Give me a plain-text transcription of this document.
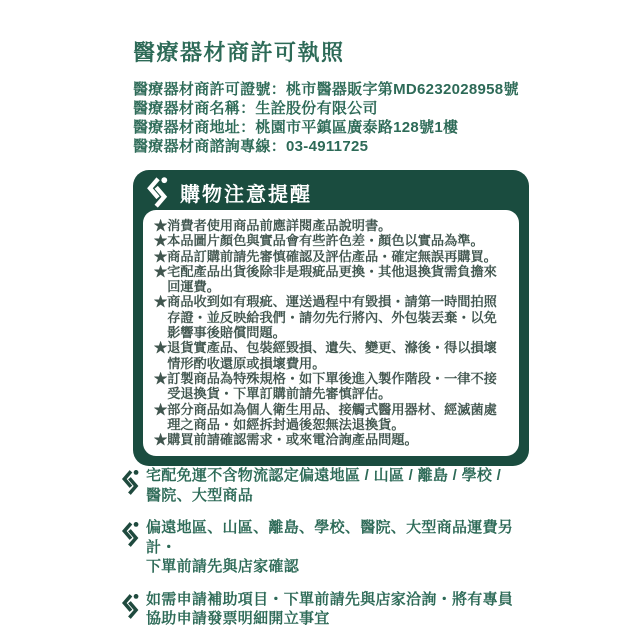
醫療器材商許可執照
醫療器材商許可證號：桃市醫器販字第MD6232028958號
醫療器材商名稱：生詮股份有限公司
醫療器材商地址：桃園市平鎮區廣泰路128號1樓
醫療器材商諮詢專線：03-4911725
購物注意提醒
★消費者使用商品前應詳閱產品說明書。
★本品圖片顏色與實品會有些許色差・顏色以實品為準。
★商品訂購前請先審慎確認及評估產品・確定無誤再購買。
★宅配產品出貨後除非是瑕疵品更換・其他退換貨需負擔來回運費。
★商品收到如有瑕疵、運送過程中有毀損・請第一時間拍照存證・並反映給我們・請勿先行將內、外包裝丟棄・以免影響事後賠償問題。
★退貨實產品、包裝經毀損、遺失、變更、滌後・得以損壞情形酌收還原或損壞費用。
★訂製商品為特殊規格・如下單後進入製作階段・一律不接受退換貨・下單訂購前請先審慎評估。
★部分商品如為個人衛生用品、接觸式醫用器材、經滅菌處理之商品・如經拆封過後恕無法退換貨。
★購買前請確認需求・或來電洽詢產品問題。
宅配免運不含物流認定偏遠地區 / 山區 / 離島 / 學校 /
醫院、大型商品
偏遠地區、山區、離島、學校、醫院、大型商品運費另計・
下單前請先與店家確認
如需申請補助項目・下單前請先與店家洽詢・將有專員
協助申請發票明細開立事宜
